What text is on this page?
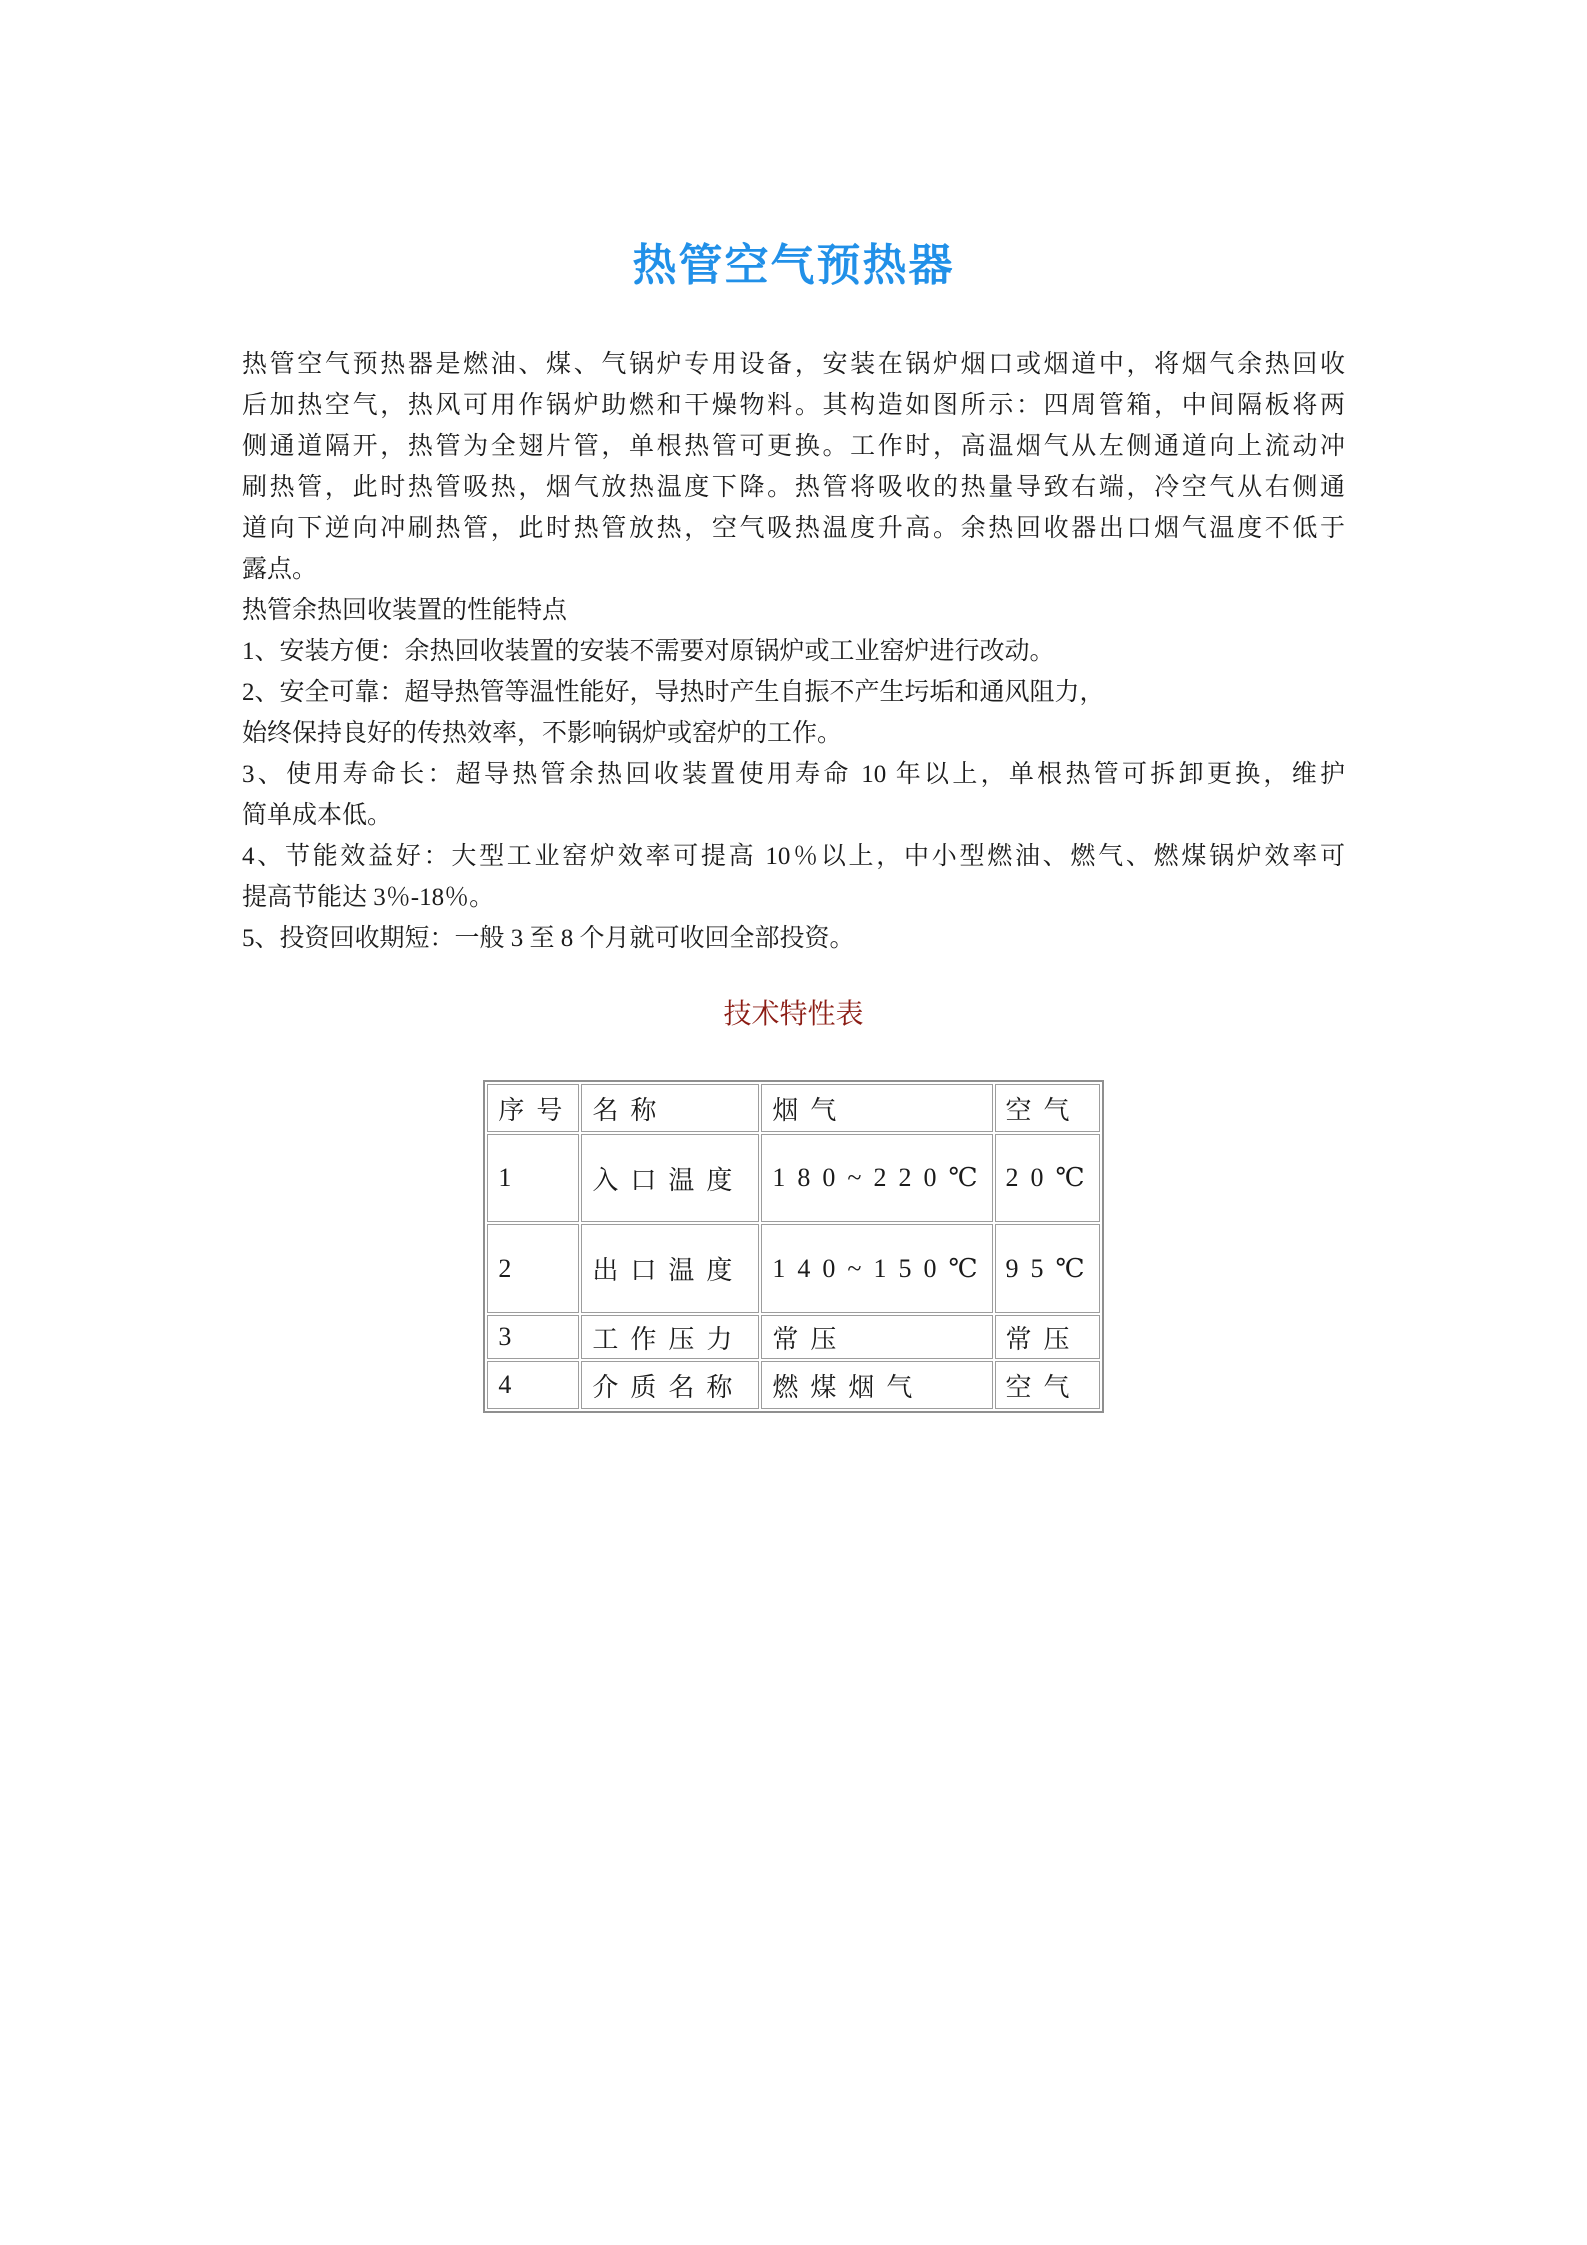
热管空气预热器
热管空气预热器是燃油、煤、气锅炉专用设备，安装在锅炉烟口或烟道中，将烟气余热回收
后加热空气，热风可用作锅炉助燃和干燥物料。其构造如图所示：四周管箱，中间隔板将两
侧通道隔开，热管为全翅片管，单根热管可更换。工作时，高温烟气从左侧通道向上流动冲
刷热管，此时热管吸热，烟气放热温度下降。热管将吸收的热量导致右端，冷空气从右侧通
道向下逆向冲刷热管，此时热管放热，空气吸热温度升高。余热回收器出口烟气温度不低于
露点。
热管余热回收装置的性能特点
1、安装方便：余热回收装置的安装不需要对原锅炉或工业窑炉进行改动。
2、安全可靠：超导热管等温性能好，导热时产生自振不产生圬垢和通风阻力，
始终保持良好的传热效率，不影响锅炉或窑炉的工作。
3、使用寿命长：超导热管余热回收装置使用寿命 10 年以上，单根热管可拆卸更换，维护
简单成本低。
4、节能效益好：大型工业窑炉效率可提高 10％以上，中小型燃油、燃气、燃煤锅炉效率可
提高节能达 3％-18％。
5、投资回收期短：一般 3 至 8 个月就可收回全部投资。
技术特性表
序号	名称	烟气	空气
1	入口温度	180~220℃	20℃
2	出口温度	140~150℃	95℃
3	工作压力	常压	常压
4	介质名称	燃煤烟气	空气
